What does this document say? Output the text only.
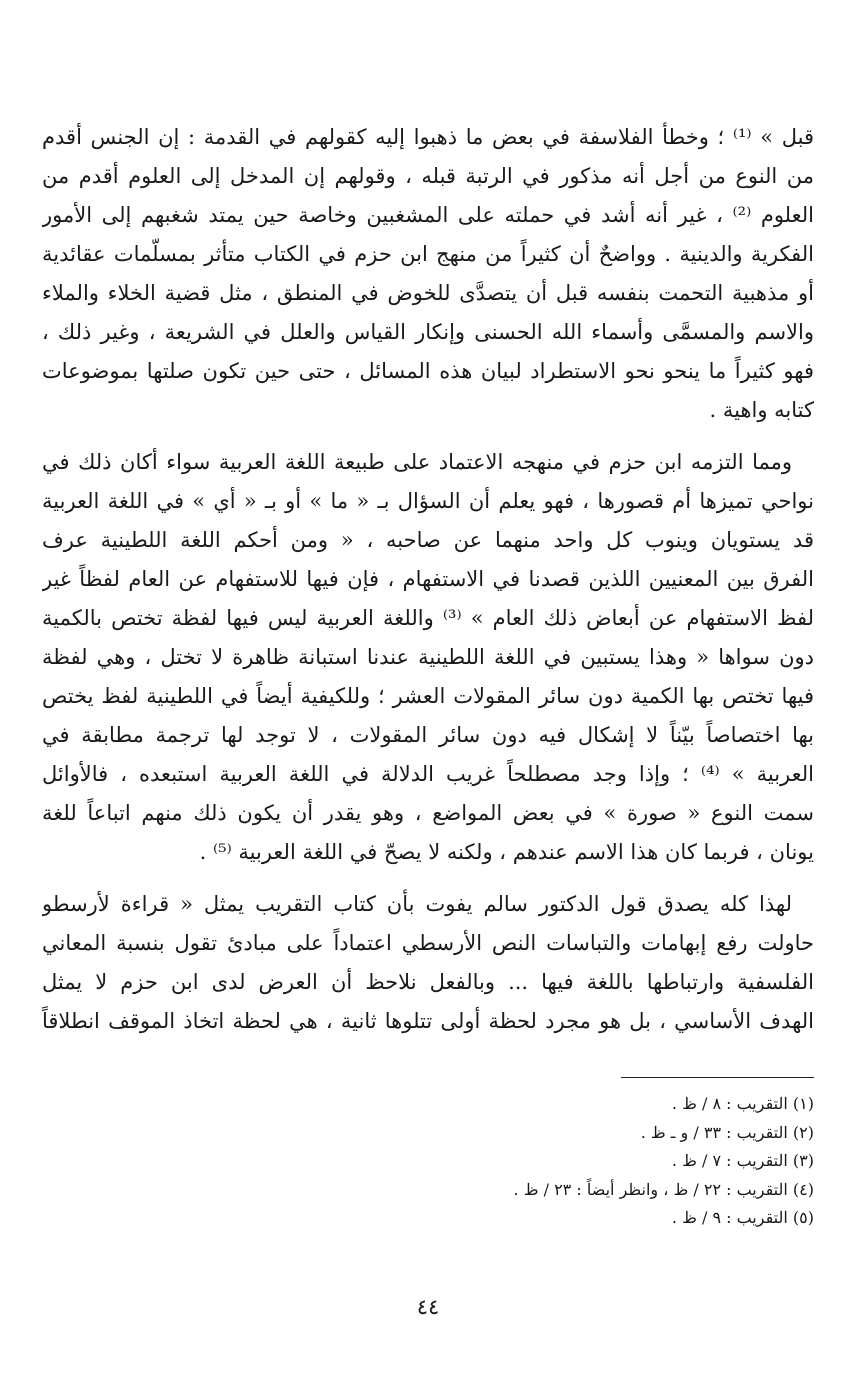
قبل » ⁽¹⁾ ؛ وخطأ الفلاسفة في بعض ما ذهبوا إليه كقولهم في القدمة : إن الجنس أقدم
من النوع من أجل أنه مذكور في الرتبة قبله ، وقولهم إن المدخل إلى العلوم أقدم من
العلوم ⁽²⁾ ، غير أنه أشد في حملته على المشغبين وخاصة حين يمتد شغبهم إلى الأمور
الفكرية والدينية . وواضحٌ أن كثيراً من منهج ابن حزم في الكتاب متأثر بمسلّمات عقائدية
أو مذهبية التحمت بنفسه قبل أن يتصدَّى للخوض في المنطق ، مثل قضية الخلاء والملاء
والاسم والمسمَّى وأسماء الله الحسنى وإنكار القياس والعلل في الشريعة ، وغير ذلك ،
فهو كثيراً ما ينحو نحو الاستطراد لبيان هذه المسائل ، حتى حين تكون صلتها بموضوعات
كتابه واهية .

ومما التزمه ابن حزم في منهجه الاعتماد على طبيعة اللغة العربية سواء أكان ذلك في
نواحي تميزها أم قصورها ، فهو يعلم أن السؤال بـ « ما » أو بـ « أي » في اللغة العربية
قد يستويان وينوب كل واحد منهما عن صاحبه ، « ومن أحكم اللغة اللطينية عرف
الفرق بين المعنيين اللذين قصدنا في الاستفهام ، فإن فيها للاستفهام عن العام لفظاً غير
لفظ الاستفهام عن أبعاض ذلك العام » ⁽³⁾ واللغة العربية ليس فيها لفظة تختص بالكمية
دون سواها « وهذا يستبين في اللغة اللطينية عندنا استبانة ظاهرة لا تختل ، وهي لفظة
فيها تختص بها الكمية دون سائر المقولات العشر ؛ وللكيفية أيضاً في اللطينية لفظ يختص
بها اختصاصاً بيّناً لا إشكال فيه دون سائر المقولات ، لا توجد لها ترجمة مطابقة في
العربية » ⁽⁴⁾ ؛ وإذا وجد مصطلحاً غريب الدلالة في اللغة العربية استبعده ، فالأوائل
سمت النوع « صورة » في بعض المواضع ، وهو يقدر أن يكون ذلك منهم اتباعاً للغة
يونان ، فربما كان هذا الاسم عندهم ، ولكنه لا يصحّ في اللغة العربية ⁽⁵⁾ .

لهذا كله يصدق قول الدكتور سالم يفوت بأن كتاب التقريب يمثل « قراءة لأرسطو
حاولت رفع إبهامات والتباسات النص الأرسطي اعتماداً على مبادئ تقول بنسبة المعاني
الفلسفية وارتباطها باللغة فيها ... وبالفعل نلاحظ أن العرض لدى ابن حزم لا يمثل
الهدف الأساسي ، بل هو مجرد لحظة أولى تتلوها ثانية ، هي لحظة اتخاذ الموقف انطلاقاً

(١) التقريب : ٨ / ظ .
(٢) التقريب : ٣٣ / و ـ ظ .
(٣) التقريب : ٧ / ظ .
(٤) التقريب : ٢٢ / ظ ، وانظر أيضاً : ٢٣ / ظ .
(٥) التقريب : ٩ / ظ .
٤٤
